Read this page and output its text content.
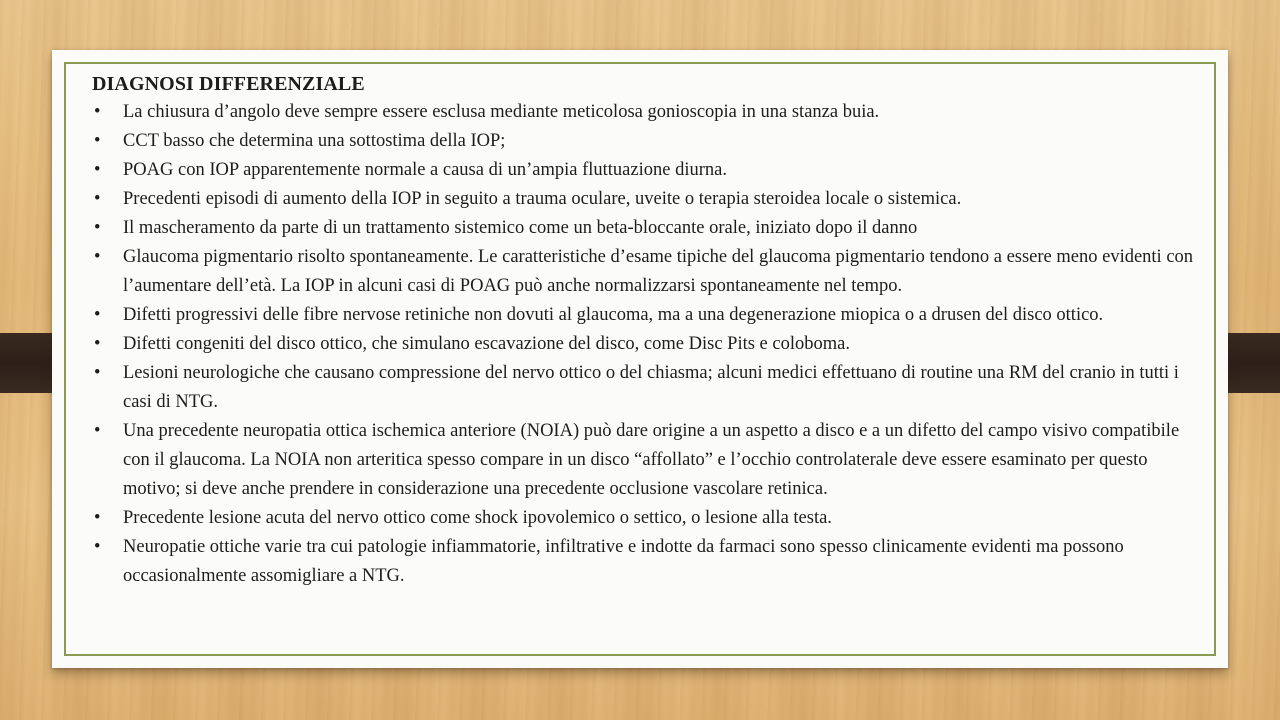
DIAGNOSI DIFFERENZIALE
• La chiusura d’angolo deve sempre essere esclusa mediante meticolosa gonioscopia in una stanza buia.
• CCT basso che determina una sottostima della IOP;
• POAG con IOP apparentemente normale a causa di un’ampia fluttuazione diurna.
• Precedenti episodi di aumento della IOP in seguito a trauma oculare, uveite o terapia steroidea locale o sistemica.
• Il mascheramento da parte di un trattamento sistemico come un beta-bloccante orale, iniziato dopo il danno
• Glaucoma pigmentario risolto spontaneamente. Le caratteristiche d’esame tipiche del glaucoma pigmentario tendono a essere meno evidenti con l’aumentare dell’età. La IOP in alcuni casi di POAG può anche normalizzarsi spontaneamente nel tempo.
• Difetti progressivi delle fibre nervose retiniche non dovuti al glaucoma, ma a una degenerazione miopica o a drusen del disco ottico.
• Difetti congeniti del disco ottico, che simulano escavazione del disco, come Disc Pits e coloboma.
• Lesioni neurologiche che causano compressione del nervo ottico o del chiasma; alcuni medici effettuano di routine una RM del cranio in tutti i casi di NTG.
• Una precedente neuropatia ottica ischemica anteriore (NOIA) può dare origine a un aspetto a disco e a un difetto del campo visivo compatibile con il glaucoma. La NOIA non arteritica spesso compare in un disco “affollato” e l’occhio controlaterale deve essere esaminato per questo motivo; si deve anche prendere in considerazione una precedente occlusione vascolare retinica.
• Precedente lesione acuta del nervo ottico come shock ipovolemico o settico, o lesione alla testa.
• Neuropatie ottiche varie tra cui patologie infiammatorie, infiltrative e indotte da farmaci sono spesso clinicamente evidenti ma possono occasionalmente assomigliare a NTG.
